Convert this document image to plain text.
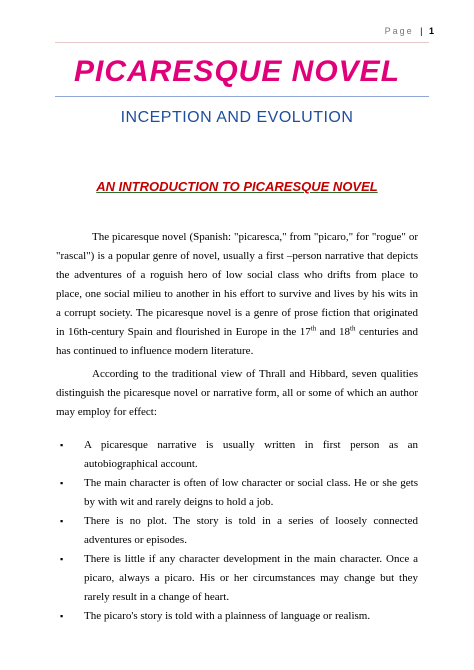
Page | 1
PICARESQUE NOVEL
INCEPTION AND EVOLUTION
AN INTRODUCTION TO PICARESQUE NOVEL

The picaresque novel (Spanish: "picaresca," from "picaro," for "rogue" or "rascal") is a popular genre of novel, usually a first –person narrative that depicts the adventures of a roguish hero of low social class who drifts from place to place, one social milieu to another in his effort to survive and lives by his wits in a corrupt society. The picaresque novel is a genre of prose fiction that originated in 16th-century Spain and flourished in Europe in the 17th and 18th centuries and has continued to influence modern literature.

According to the traditional view of Thrall and Hibbard, seven qualities distinguish the picaresque novel or narrative form, all or some of which an author may employ for effect:

▪ A picaresque narrative is usually written in first person as an autobiographical account.
▪ The main character is often of low character or social class. He or she gets by with wit and rarely deigns to hold a job.
▪ There is no plot. The story is told in a series of loosely connected adventures or episodes.
▪ There is little if any character development in the main character. Once a picaro, always a picaro. His or her circumstances may change but they rarely result in a change of heart.
▪ The picaro's story is told with a plainness of language or realism.
